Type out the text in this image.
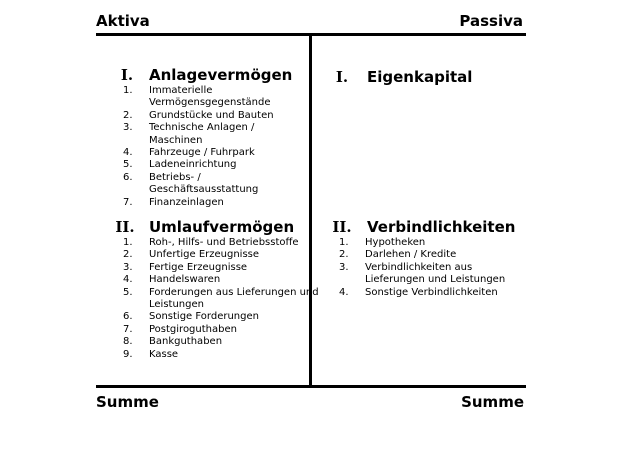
Aktiva	Passiva
Summe	Summe
I.	Anlagevermögen
1.	Immaterielle Vermögensgegenstände
2.	Grundstücke und Bauten
3.	Technische Anlagen / Maschinen
4.	Fahrzeuge / Fuhrpark
5.	Ladeneinrichtung
6.	Betriebs- / Geschäftsausstattung
7.	Finanzeinlagen
II. Umlaufvermögen
1.	Roh-, Hilfs- und Betriebsstoffe
2.	Unfertige Erzeugnisse
3.	Fertige Erzeugnisse
4.	Handelswaren
5.	Forderungen aus Lieferungen und Leistungen
6.	Sonstige Forderungen
7.	Postgiroguthaben
8.	Bankguthaben
9.	Kasse
I. Eigenkapital
II. Verbindlichkeiten
1.	Hypotheken
2.	Darlehen / Kredite
3.	Verbindlichkeiten aus Lieferungen und Leistungen
4.	Sonstige Verbindlichkeiten
